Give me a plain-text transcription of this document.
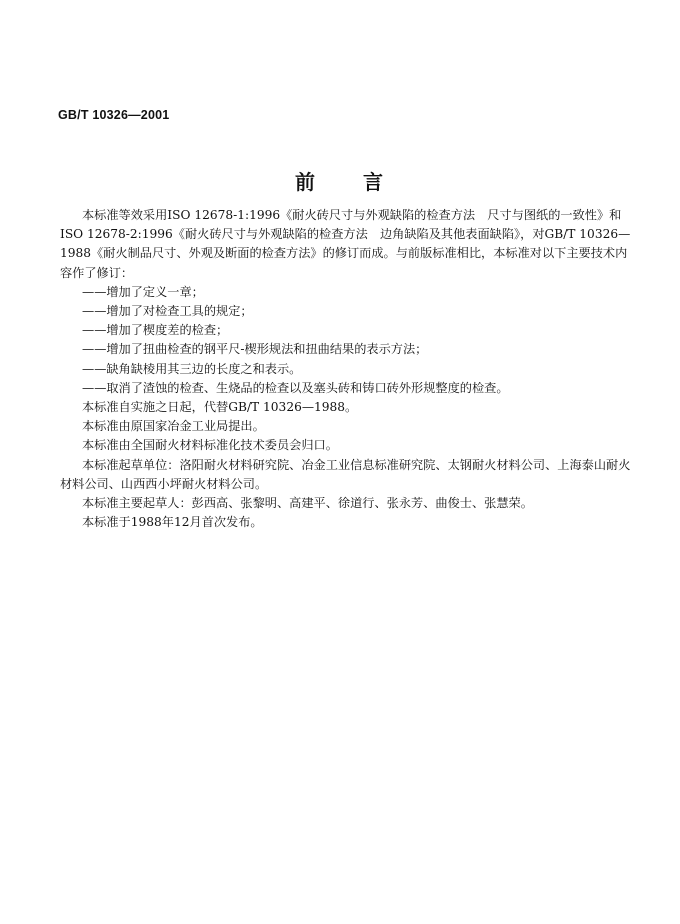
GB/T 10326—2001
前 言

本标准等效采用ISO 12678-1:1996《耐火砖尺寸与外观缺陷的检查方法　尺寸与图纸的一致性》和 ISO 12678-2:1996《耐火砖尺寸与外观缺陷的检查方法　边角缺陷及其他表面缺陷》，对GB/T 10326—1988《耐火制品尺寸、外观及断面的检查方法》的修订而成。与前版标准相比，本标准对以下主要技术内容作了修订：

——增加了定义一章；

——增加了对检查工具的规定；

——增加了楔度差的检查；

——增加了扭曲检查的钢平尺-楔形规法和扭曲结果的表示方法；

——缺角缺棱用其三边的长度之和表示。

——取消了渣蚀的检查、生烧品的检查以及塞头砖和铸口砖外形规整度的检查。

本标准自实施之日起，代替GB/T 10326—1988。

本标准由原国家冶金工业局提出。

本标准由全国耐火材料标准化技术委员会归口。

本标准起草单位：洛阳耐火材料研究院、冶金工业信息标准研究院、太钢耐火材料公司、上海泰山耐火材料公司、山西西小坪耐火材料公司。

本标准主要起草人：彭西高、张黎明、高建平、徐道行、张永芳、曲俊士、张慧荣。

本标准于1988年12月首次发布。
